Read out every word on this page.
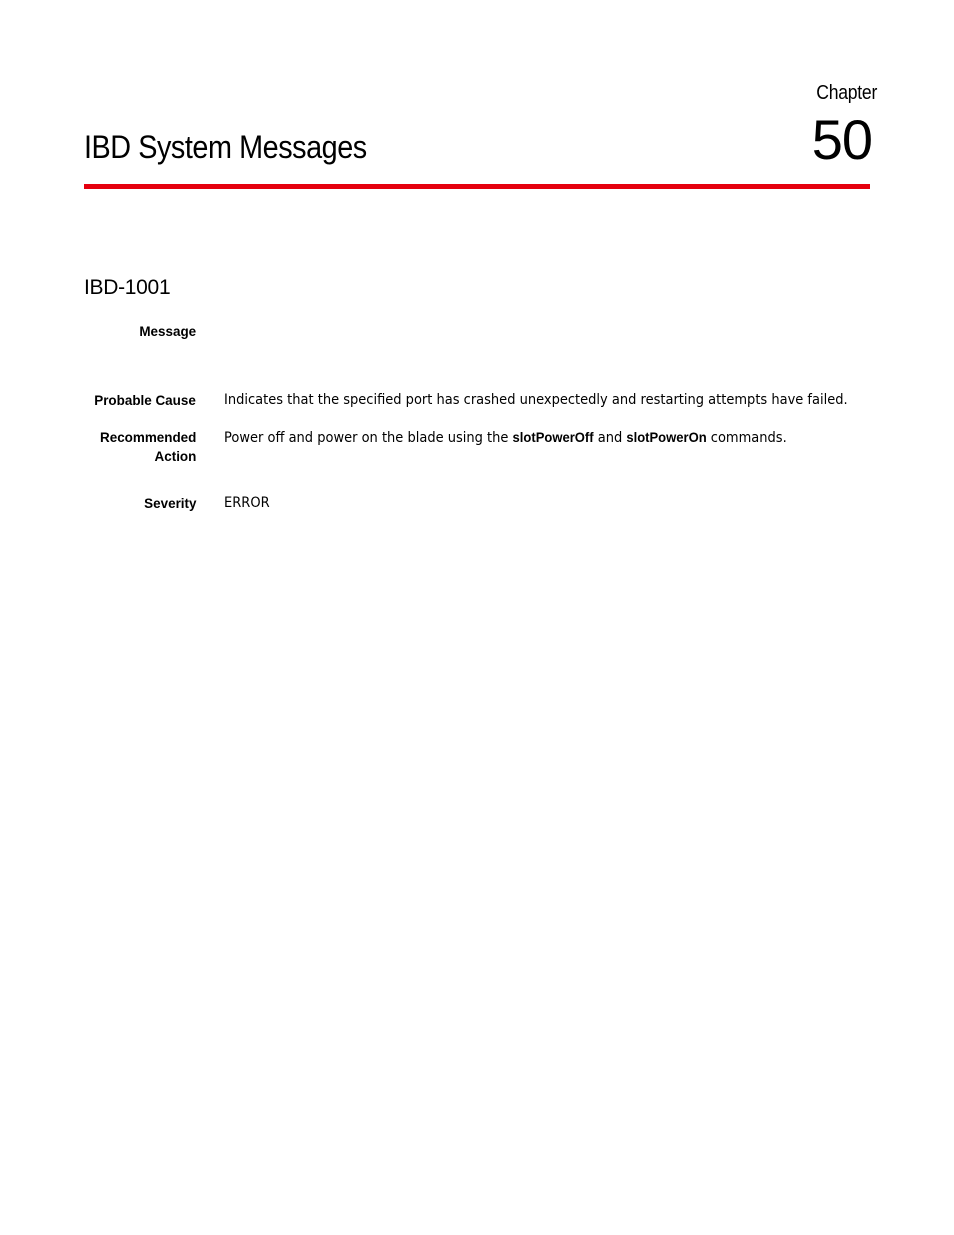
Chapter
50
IBD System Messages
IBD-1001
Message
Probable Cause Indicates that the specified port has crashed unexpectedly and restarting attempts have failed.
Recommended
Action
Power off and power on the blade using the slotPowerOff and slotPowerOn commands.
Severity ERROR
